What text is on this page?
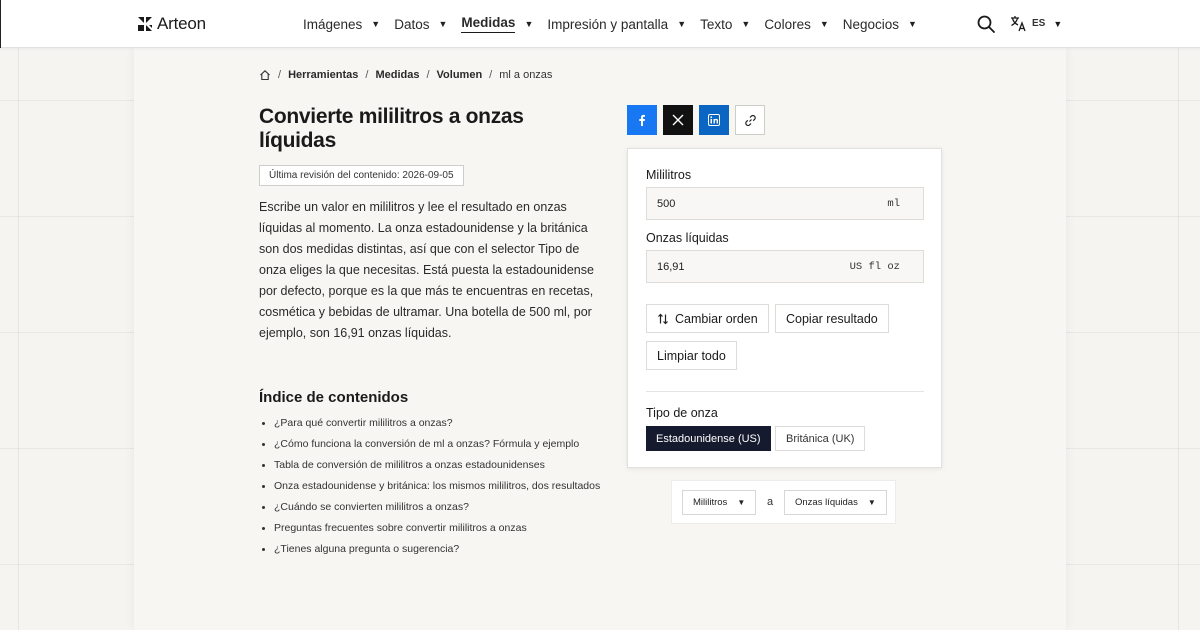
Arteon	Imágenes ▼ Datos ▼ Medidas ▼ Impresión y pantalla ▼ Texto ▼ Colores ▼ Negocios ▼	ES ▼
/ Herramientas / Medidas / Volumen / ml a onzas
Convierte mililitros a onzas líquidas
Última revisión del contenido: 2026-09-05

Escribe un valor en mililitros y lee el resultado en onzas líquidas al momento. La onza estadounidense y la británica son dos medidas distintas, así que con el selector Tipo de onza eliges la que necesitas. Está puesta la estadounidense por defecto, porque es la que más te encuentras en recetas, cosmética y bebidas de ultramar. Una botella de 500 ml, por ejemplo, son 16,91 onzas líquidas.

Índice de contenidos
¿Para qué convertir mililitros a onzas?
¿Cómo funciona la conversión de ml a onzas? Fórmula y ejemplo
Tabla de conversión de mililitros a onzas estadounidenses
Onza estadounidense y británica: los mismos mililitros, dos resultados
¿Cuándo se convierten mililitros a onzas?
Preguntas frecuentes sobre convertir mililitros a onzas
¿Tienes alguna pregunta o sugerencia?
Mililitros
500
ml
Onzas líquidas
16,91
US fl oz
Cambiar orden Copiar resultado
Limpiar todo
Tipo de onza
Estadounidense (US)	Británica (UK)
Mililitros ▼ a Onzas líquidas ▼
